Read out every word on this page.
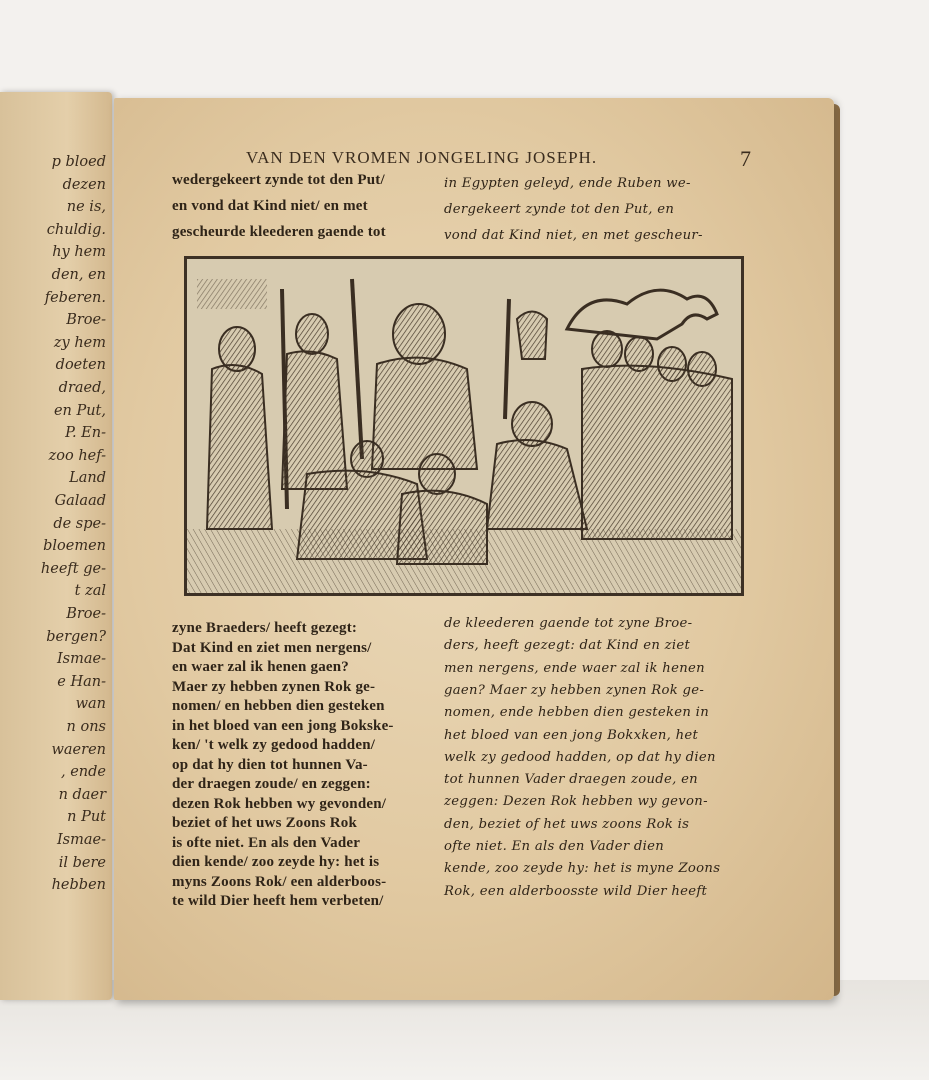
p bloed
dezen
ne is,
chuldig.
hy hem
den, en
feberen.
Broe-
zy hem
doeten
draed,
en Put,
P. En-
zoo hef-
Land
Galaad
de spe-
bloemen
heeft ge-
t zal
Broe-
bergen?
Ismae-
e Han-
wan
n ons
waeren
, ende
n daer
n Put
Ismae-
il bere
hebben
VAN DEN VROMEN JONGELING JOSEPH.	7
wedergekeert zynde tot den Put/
en vond dat Kind niet/ en met
gescheurde kleederen gaende tot
in Egypten geleyd, ende Ruben we-
dergekeert zynde tot den Put, en
vond dat Kind niet, en met gescheur-
zyne Braeders/ heeft gezegt:
Dat Kind en ziet men nergens/
en waer zal ik henen gaen?
Maer zy hebben zynen Rok ge-
nomen/ en hebben dien gesteken
in het bloed van een jong Bokske-
ken/ 't welk zy gedood hadden/
op dat hy dien tot hunnen Va-
der draegen zoude/ en zeggen:
dezen Rok hebben wy gevonden/
beziet of het uws Zoons Rok
is ofte niet. En als den Vader
dien kende/ zoo zeyde hy: het is
myns Zoons Rok/ een alderboos-
te wild Dier heeft hem verbeten/
de kleederen gaende tot zyne Broe-
ders, heeft gezegt: dat Kind en ziet
men nergens, ende waer zal ik henen
gaen? Maer zy hebben zynen Rok ge-
nomen, ende hebben dien gesteken in
het bloed van een jong Bokxken, het
welk zy gedood hadden, op dat hy dien
tot hunnen Vader draegen zoude, en
zeggen: Dezen Rok hebben wy gevon-
den, beziet of het uws zoons Rok is
ofte niet. En als den Vader dien
kende, zoo zeyde hy: het is myne Zoons
Rok, een alderboosste wild Dier heeft
